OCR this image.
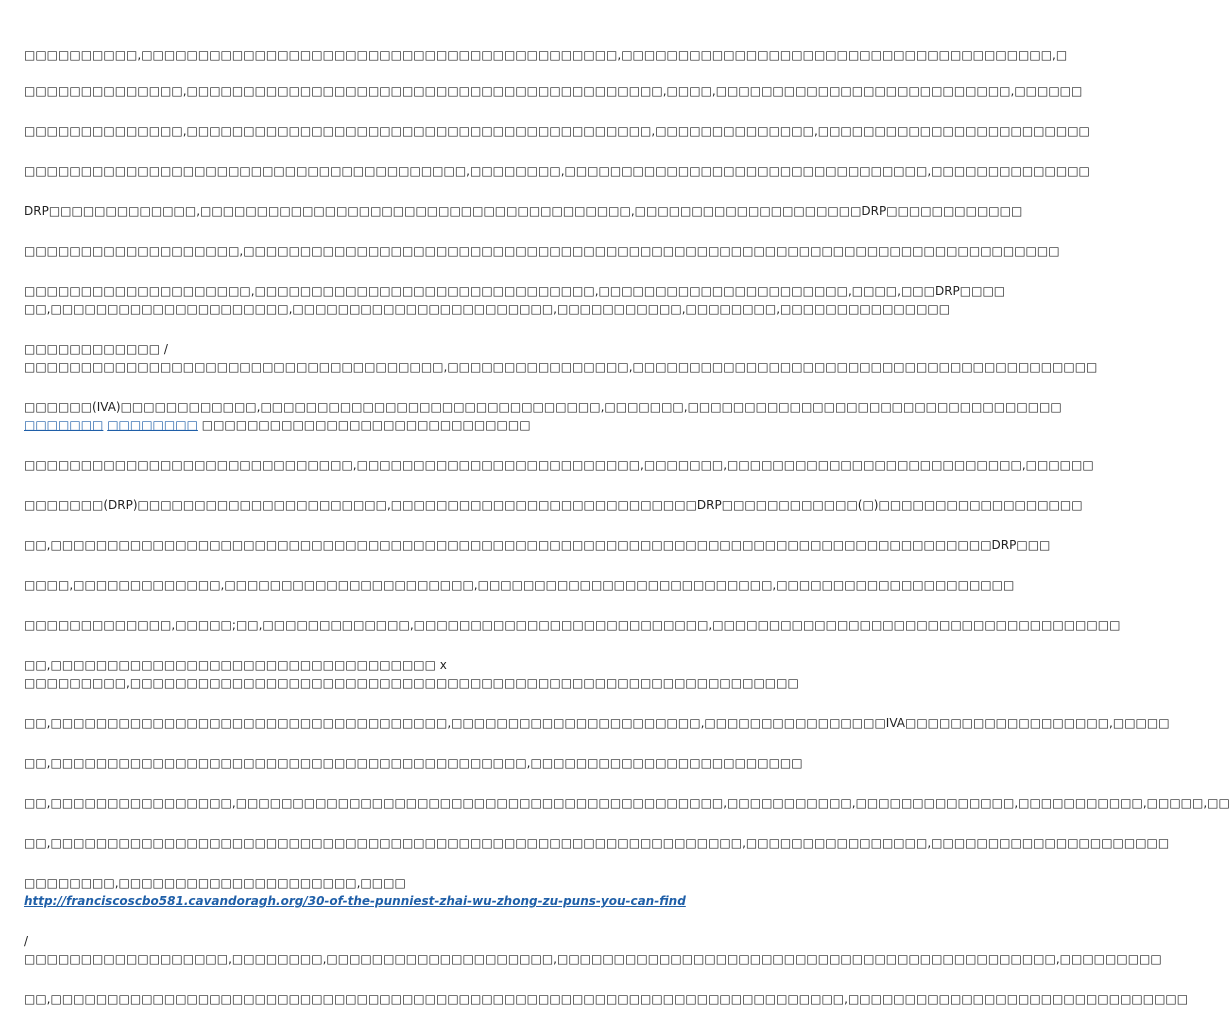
□□□□□□□□□□,□□□□□□□□□□□□□□□□□□□□□□□□□□□□□□□□□□□□□□□□□□,□□□□□□□□□□□□□□□□□□□□□□□□□□□□□□□□□□□□□□,□

□□□□□□□□□□□□□□,□□□□□□□□□□□□□□□□□□□□□□□□□□□□□□□□□□□□□□□□□□,□□□□,□□□□□□□□□□□□□□□□□□□□□□□□□□,□□□□□□

□□□□□□□□□□□□□□,□□□□□□□□□□□□□□□□□□□□□□□□□□□□□□□□□□□□□□□□□,□□□□□□□□□□□□□□,□□□□□□□□□□□□□□□□□□□□□□□□

□□□□□□□□□□□□□□□□□□□□□□□□□□□□□□□□□□□□□□□,□□□□□□□□,□□□□□□□□□□□□□□□□□□□□□□□□□□□□□□□□,□□□□□□□□□□□□□□

DRP□□□□□□□□□□□□□,□□□□□□□□□□□□□□□□□□□□□□□□□□□□□□□□□□□□□□,□□□□□□□□□□□□□□□□□□□□DRP□□□□□□□□□□□□

□□□□□□□□□□□□□□□□□□□,□□□□□□□□□□□□□□□□□□□□□□□□□□□□□□□□□□□□□□□□□□□□□□□□□□□□□□□□□□□□□□□□□□□□□□□□

□□□□□□□□□□□□□□□□□□□□,□□□□□□□□□□□□□□□□□□□□□□□□□□□□□□,□□□□□□□□□□□□□□□□□□□□□□,□□□□,□□□DRP□□□□
□□,□□□□□□□□□□□□□□□□□□□□□,□□□□□□□□□□□□□□□□□□□□□□□,□□□□□□□□□□□,□□□□□□□□,□□□□□□□□□□□□□□□

□□□□□□□□□□□□ /
□□□□□□□□□□□□□□□□□□□□□□□□□□□□□□□□□□□□□,□□□□□□□□□□□□□□□□,□□□□□□□□□□□□□□□□□□□□□□□□□□□□□□□□□□□□□□□□□

□□□□□□(IVA)□□□□□□□□□□□□,□□□□□□□□□□□□□□□□□□□□□□□□□□□□□□,□□□□□□□,□□□□□□□□□□□□□□□□□□□□□□□□□□□□□□□□□
□□□□□□□ □□□□□□□□ □□□□□□□□□□□□□□□□□□□□□□□□□□□□□

□□□□□□□□□□□□□□□□□□□□□□□□□□□□□,□□□□□□□□□□□□□□□□□□□□□□□□□,□□□□□□□,□□□□□□□□□□□□□□□□□□□□□□□□□□,□□□□□□

□□□□□□□(DRP)□□□□□□□□□□□□□□□□□□□□□□,□□□□□□□□□□□□□□□□□□□□□□□□□□□DRP□□□□□□□□□□□□(□)□□□□□□□□□□□□□□□□□□

□□,□□□□□□□□□□□□□□□□□□□□□□□□□□□□□□□□□□□□□□□□□□□□□□□□□□□□□□□□□□□□□□□□□□□□□□□□□□□□□□□□□□□DRP□□□

□□□□,□□□□□□□□□□□□□,□□□□□□□□□□□□□□□□□□□□□□,□□□□□□□□□□□□□□□□□□□□□□□□□□,□□□□□□□□□□□□□□□□□□□□□

□□□□□□□□□□□□□,□□□□□;□□,□□□□□□□□□□□□□,□□□□□□□□□□□□□□□□□□□□□□□□□□,□□□□□□□□□□□□□□□□□□□□□□□□□□□□□□□□□□□□

□□,□□□□□□□□□□□□□□□□□□□□□□□□□□□□□□□□□□ x
□□□□□□□□□,□□□□□□□□□□□□□□□□□□□□□□□□□□□□□□□□□□□□□□□□□□□□□□□□□□□□□□□□□□□

□□,□□□□□□□□□□□□□□□□□□□□□□□□□□□□□□□□□□□,□□□□□□□□□□□□□□□□□□□□□□,□□□□□□□□□□□□□□□□IVA□□□□□□□□□□□□□□□□□□,□□□□□

□□,□□□□□□□□□□□□□□□□□□□□□□□□□□□□□□□□□□□□□□□□□□,□□□□□□□□□□□□□□□□□□□□□□□□

□□,□□□□□□□□□□□□□□□□,□□□□□□□□□□□□□□□□□□□□□□□□□□□□□□□□□□□□□□□□□□□,□□□□□□□□□□□,□□□□□□□□□□□□□□,□□□□□□□□□□□,□□□□□,□□

□□,□□□□□□□□□□□□□□□□□□□□□□□□□□□□□□□□□□□□□□□□□□□□□□□□□□□□□□□□□□□□□,□□□□□□□□□□□□□□□□,□□□□□□□□□□□□□□□□□□□□□

□□□□□□□□,□□□□□□□□□□□□□□□□□□□□□,□□□□ http://franciscoscbo581.cavandoragh.org/30-of-the-punniest-zhai-wu-zhong-zu-puns-you-can-find

/
□□□□□□□□□□□□□□□□□□,□□□□□□□□,□□□□□□□□□□□□□□□□□□□□,□□□□□□□□□□□□□□□□□□□□□□□□□□□□□□□□□□□□□□□□□□□□,□□□□□□□□□

□□,□□□□□□□□□□□□□□□□□□□□□□□□□□□□□□□□□□□□□□□□□□□□□□□□□□□□□□□□□□□□□□□□□□□□□□,□□□□□□□□□□□□□□□□□□□□□□□□□□□□□□
